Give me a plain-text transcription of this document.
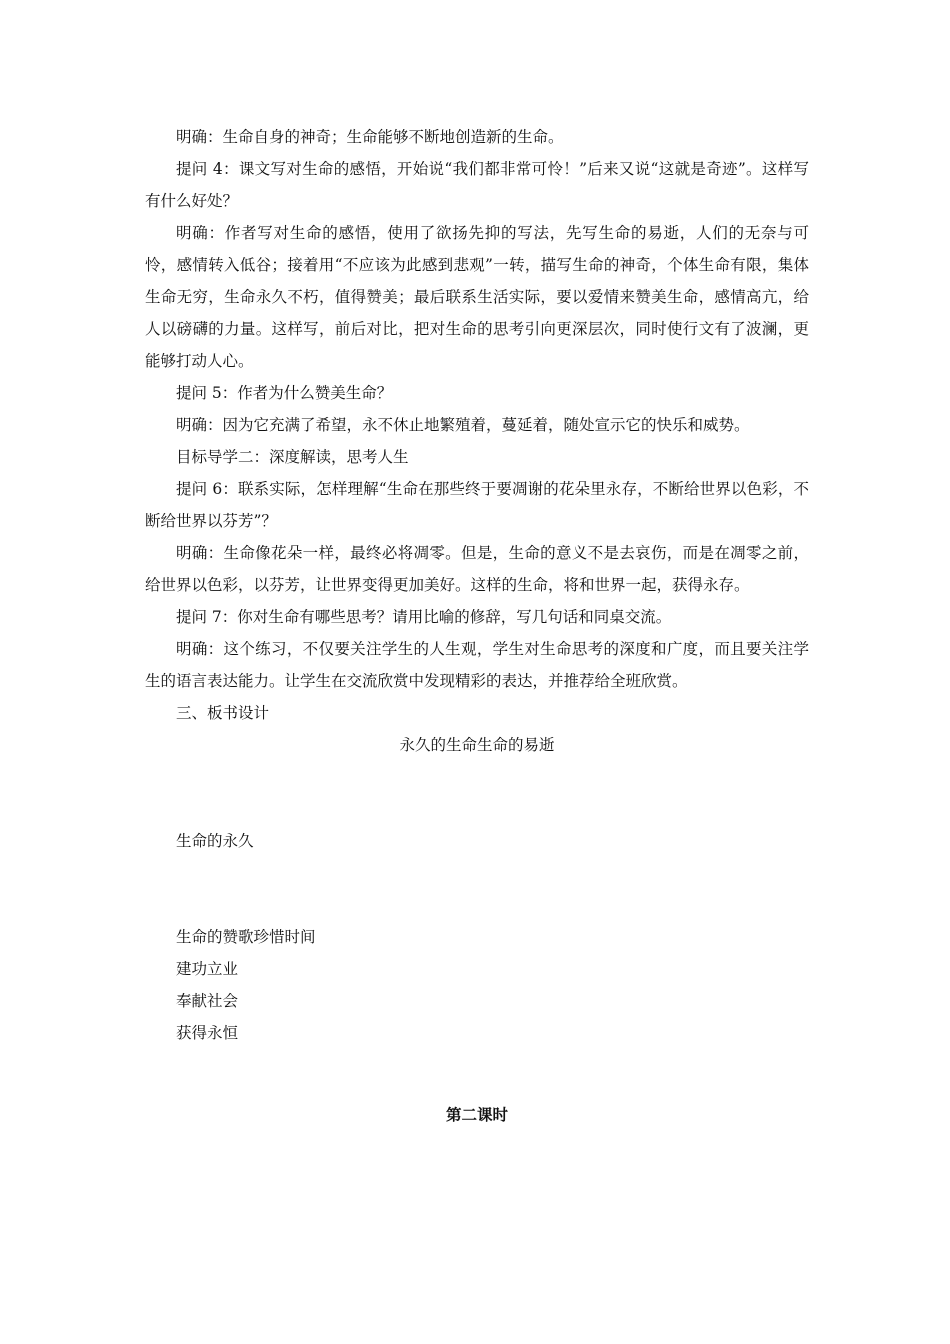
明确：生命自身的神奇；生命能够不断地创造新的生命。

提问 4：课文写对生命的感悟，开始说“我们都非常可怜！”后来又说“这就是奇迹”。这样写有什么好处？

明确：作者写对生命的感悟，使用了欲扬先抑的写法，先写生命的易逝，人们的无奈与可怜，感情转入低谷；接着用“不应该为此感到悲观”一转，描写生命的神奇，个体生命有限，集体生命无穷，生命永久不朽，值得赞美；最后联系生活实际，要以爱情来赞美生命，感情高亢，给人以磅礴的力量。这样写，前后对比，把对生命的思考引向更深层次，同时使行文有了波澜，更能够打动人心。

提问 5：作者为什么赞美生命？

明确：因为它充满了希望，永不休止地繁殖着，蔓延着，随处宣示它的快乐和威势。

目标导学二：深度解读，思考人生

提问 6：联系实际，怎样理解“生命在那些终于要凋谢的花朵里永存，不断给世界以色彩，不断给世界以芬芳”？

明确：生命像花朵一样，最终必将凋零。但是，生命的意义不是去哀伤，而是在凋零之前，给世界以色彩，以芬芳，让世界变得更加美好。这样的生命，将和世界一起，获得永存。

提问 7：你对生命有哪些思考？请用比喻的修辞，写几句话和同桌交流。

明确：这个练习，不仅要关注学生的人生观，学生对生命思考的深度和广度，而且要关注学生的语言表达能力。让学生在交流欣赏中发现精彩的表达，并推荐给全班欣赏。

三、板书设计

永久的生命生命的易逝

生命的永久

生命的赞歌珍惜时间

建功立业

奉献社会

获得永恒

第二课时
